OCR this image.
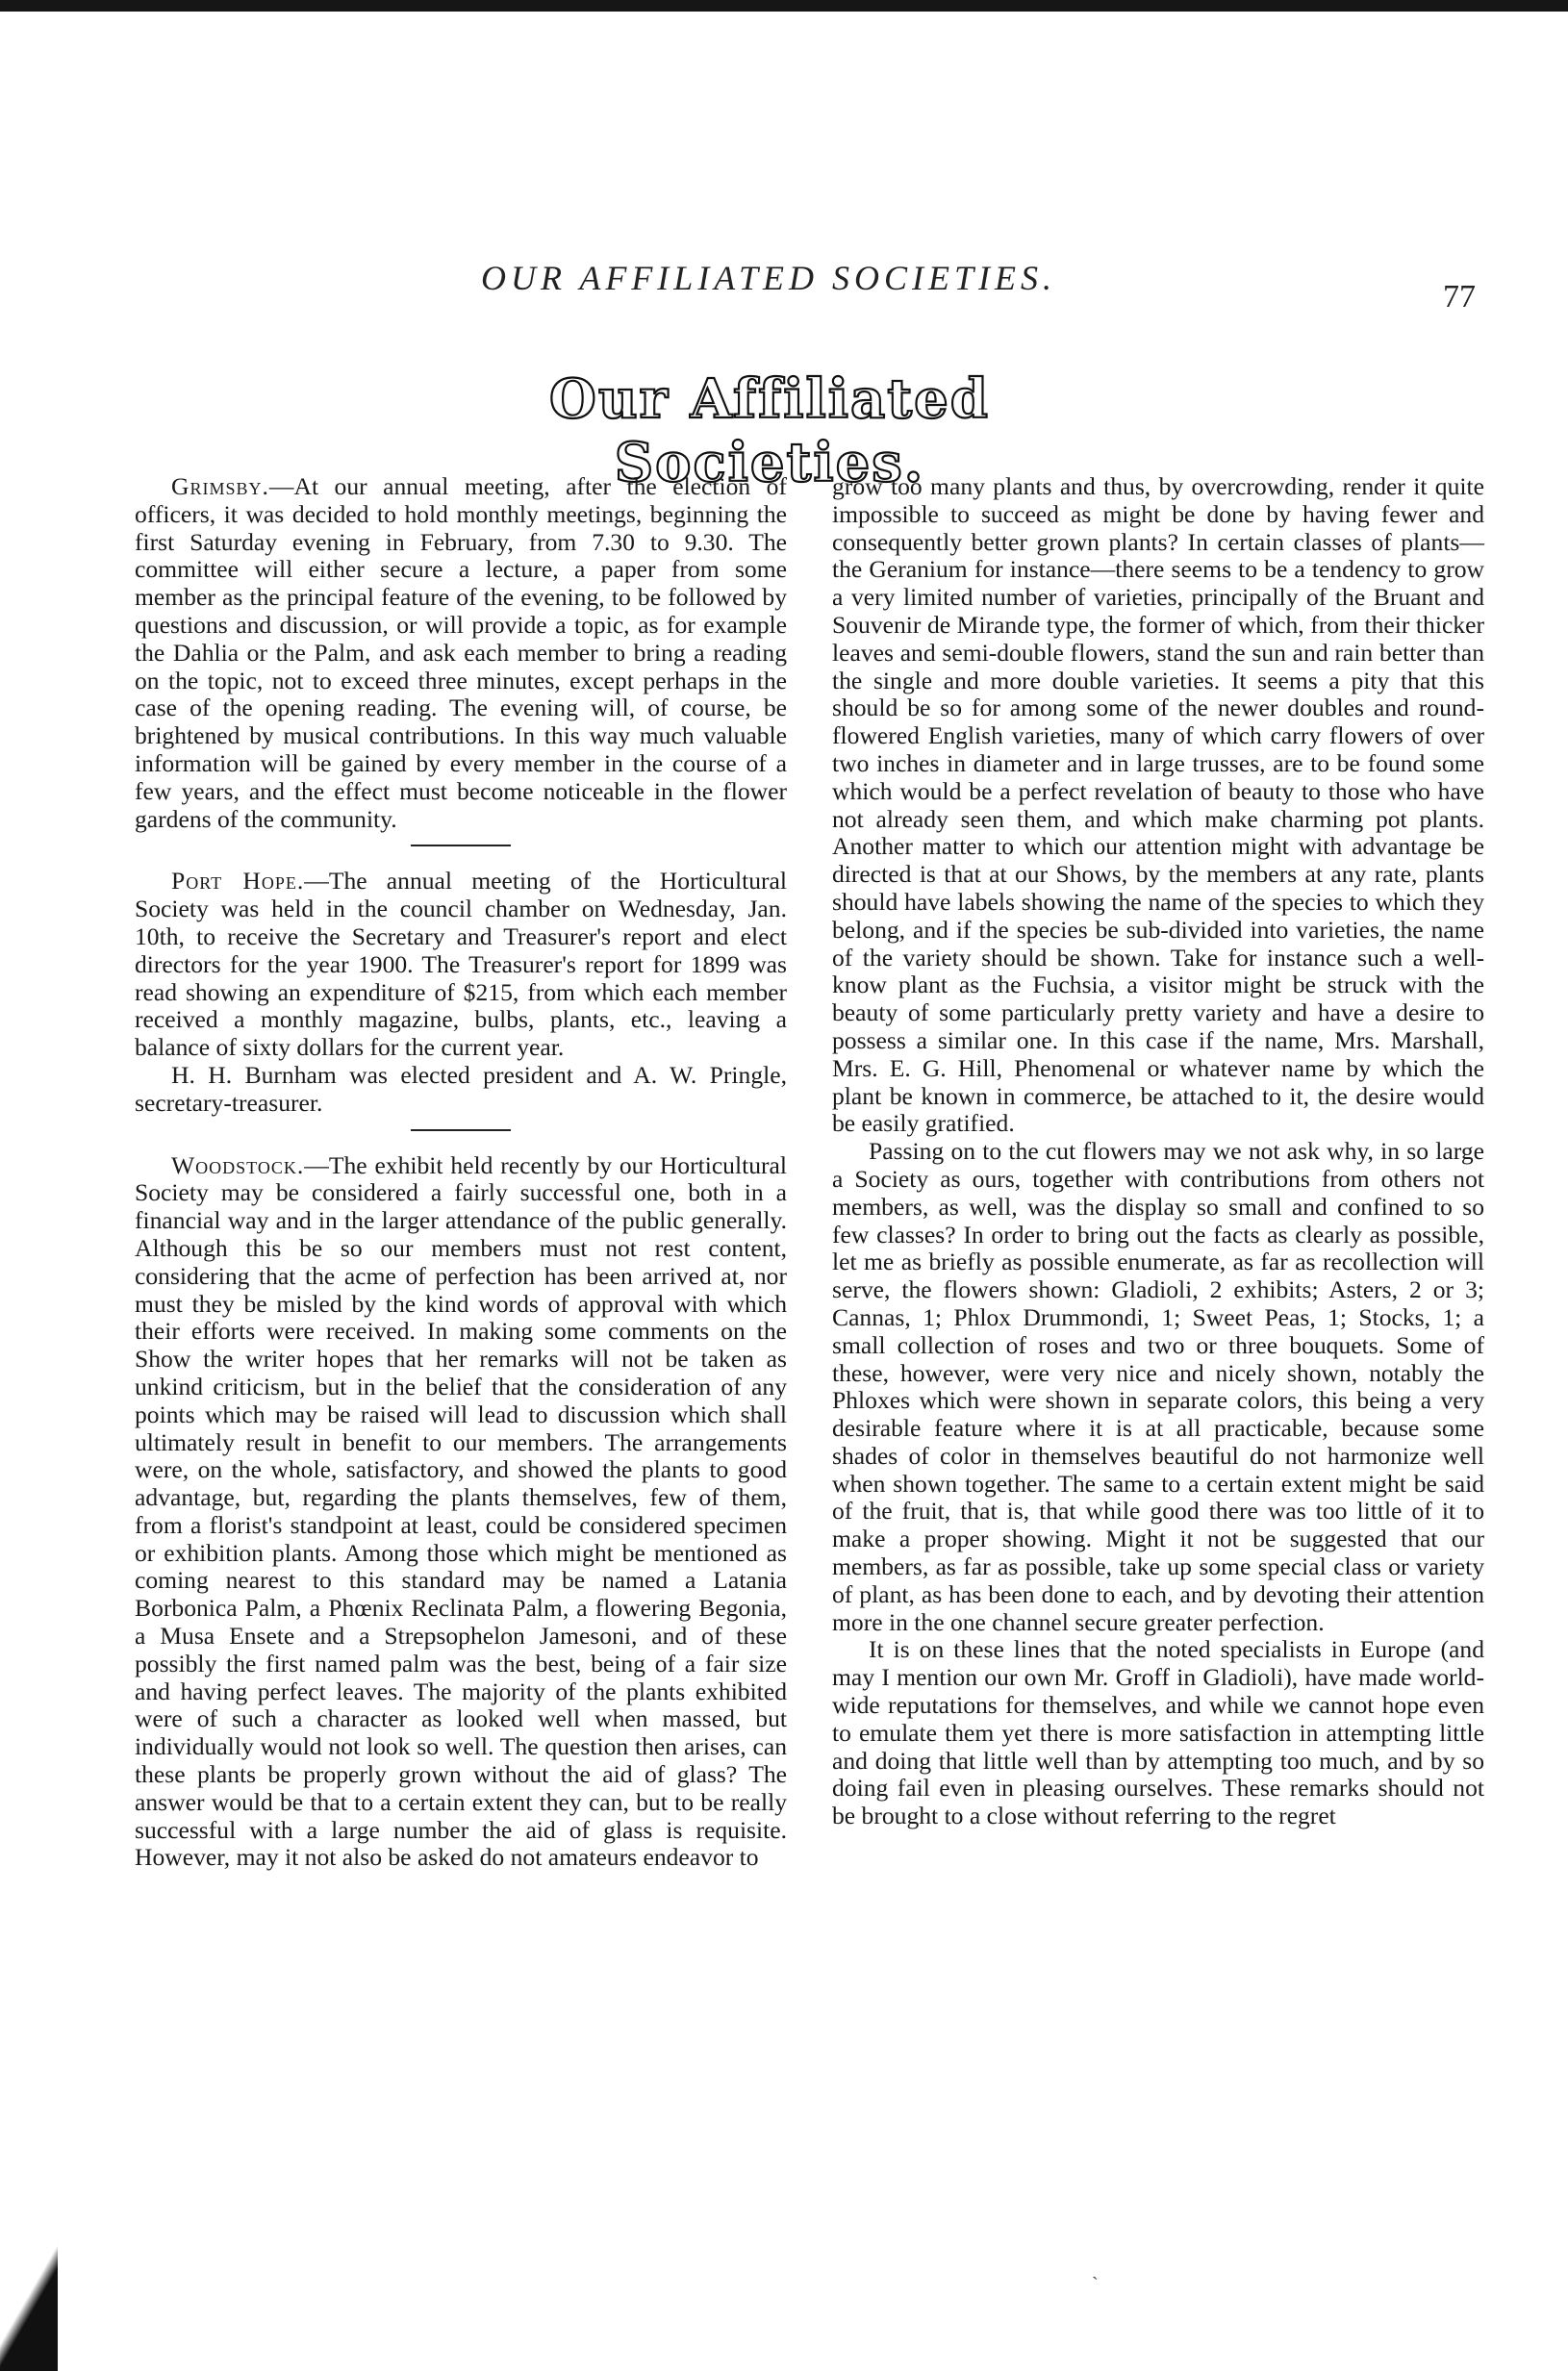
OUR AFFILIATED SOCIETIES.	77
Our Affiliated Societies.

Grimsby.—At our annual meeting, after the election of officers, it was decided to hold monthly meetings, beginning the first Saturday evening in February, from 7.30 to 9.30. The committee will either secure a lecture, a paper from some member as the principal feature of the evening, to be followed by questions and discussion, or will provide a topic, as for example the Dahlia or the Palm, and ask each member to bring a reading on the topic, not to exceed three minutes, except perhaps in the case of the opening reading. The evening will, of course, be brightened by musical contributions. In this way much valuable information will be gained by every member in the course of a few years, and the effect must become noticeable in the flower gardens of the community.

Port Hope.—The annual meeting of the Horticultural Society was held in the council chamber on Wednesday, Jan. 10th, to receive the Secretary and Treasurer's report and elect directors for the year 1900. The Treasurer's report for 1899 was read showing an expenditure of $215, from which each member received a monthly magazine, bulbs, plants, etc., leaving a balance of sixty dollars for the current year.

H. H. Burnham was elected president and A. W. Pringle, secretary-treasurer.

Woodstock.—The exhibit held recently by our Horticultural Society may be considered a fairly successful one, both in a financial way and in the larger attendance of the public generally. Although this be so our members must not rest content, considering that the acme of perfection has been arrived at, nor must they be misled by the kind words of approval with which their efforts were received. In making some comments on the Show the writer hopes that her remarks will not be taken as unkind criticism, but in the belief that the consideration of any points which may be raised will lead to discussion which shall ultimately result in benefit to our members. The arrangements were, on the whole, satisfactory, and showed the plants to good advantage, but, regarding the plants themselves, few of them, from a florist's standpoint at least, could be considered specimen or exhibition plants. Among those which might be mentioned as coming nearest to this standard may be named a Latania Borbonica Palm, a Phœnix Reclinata Palm, a flowering Begonia, a Musa Ensete and a Strepsophelon Jamesoni, and of these possibly the first named palm was the best, being of a fair size and having perfect leaves. The majority of the plants exhibited were of such a character as looked well when massed, but individually would not look so well. The question then arises, can these plants be properly grown without the aid of glass? The answer would be that to a certain extent they can, but to be really successful with a large number the aid of glass is requisite. However, may it not also be asked do not amateurs endeavor to

grow too many plants and thus, by overcrowding, render it quite impossible to succeed as might be done by having fewer and consequently better grown plants? In certain classes of plants—the Geranium for instance—there seems to be a tendency to grow a very limited number of varieties, principally of the Bruant and Souvenir de Mirande type, the former of which, from their thicker leaves and semi-double flowers, stand the sun and rain better than the single and more double varieties. It seems a pity that this should be so for among some of the newer doubles and round-flowered English varieties, many of which carry flowers of over two inches in diameter and in large trusses, are to be found some which would be a perfect revelation of beauty to those who have not already seen them, and which make charming pot plants. Another matter to which our attention might with advantage be directed is that at our Shows, by the members at any rate, plants should have labels showing the name of the species to which they belong, and if the species be sub-divided into varieties, the name of the variety should be shown. Take for instance such a well-know plant as the Fuchsia, a visitor might be struck with the beauty of some particularly pretty variety and have a desire to possess a similar one. In this case if the name, Mrs. Marshall, Mrs. E. G. Hill, Phenomenal or whatever name by which the plant be known in commerce, be attached to it, the desire would be easily gratified.

Passing on to the cut flowers may we not ask why, in so large a Society as ours, together with contributions from others not members, as well, was the display so small and confined to so few classes? In order to bring out the facts as clearly as possible, let me as briefly as possible enumerate, as far as recollection will serve, the flowers shown: Gladioli, 2 exhibits; Asters, 2 or 3; Cannas, 1; Phlox Drummondi, 1; Sweet Peas, 1; Stocks, 1; a small collection of roses and two or three bouquets. Some of these, however, were very nice and nicely shown, notably the Phloxes which were shown in separate colors, this being a very desirable feature where it is at all practicable, because some shades of color in themselves beautiful do not harmonize well when shown together. The same to a certain extent might be said of the fruit, that is, that while good there was too little of it to make a proper showing. Might it not be suggested that our members, as far as possible, take up some special class or variety of plant, as has been done to each, and by devoting their attention more in the one channel secure greater perfection.

It is on these lines that the noted specialists in Europe (and may I mention our own Mr. Groff in Gladioli), have made world-wide reputations for themselves, and while we cannot hope even to emulate them yet there is more satisfaction in attempting little and doing that little well than by attempting too much, and by so doing fail even in pleasing ourselves. These remarks should not be brought to a close without referring to the regret

˴
